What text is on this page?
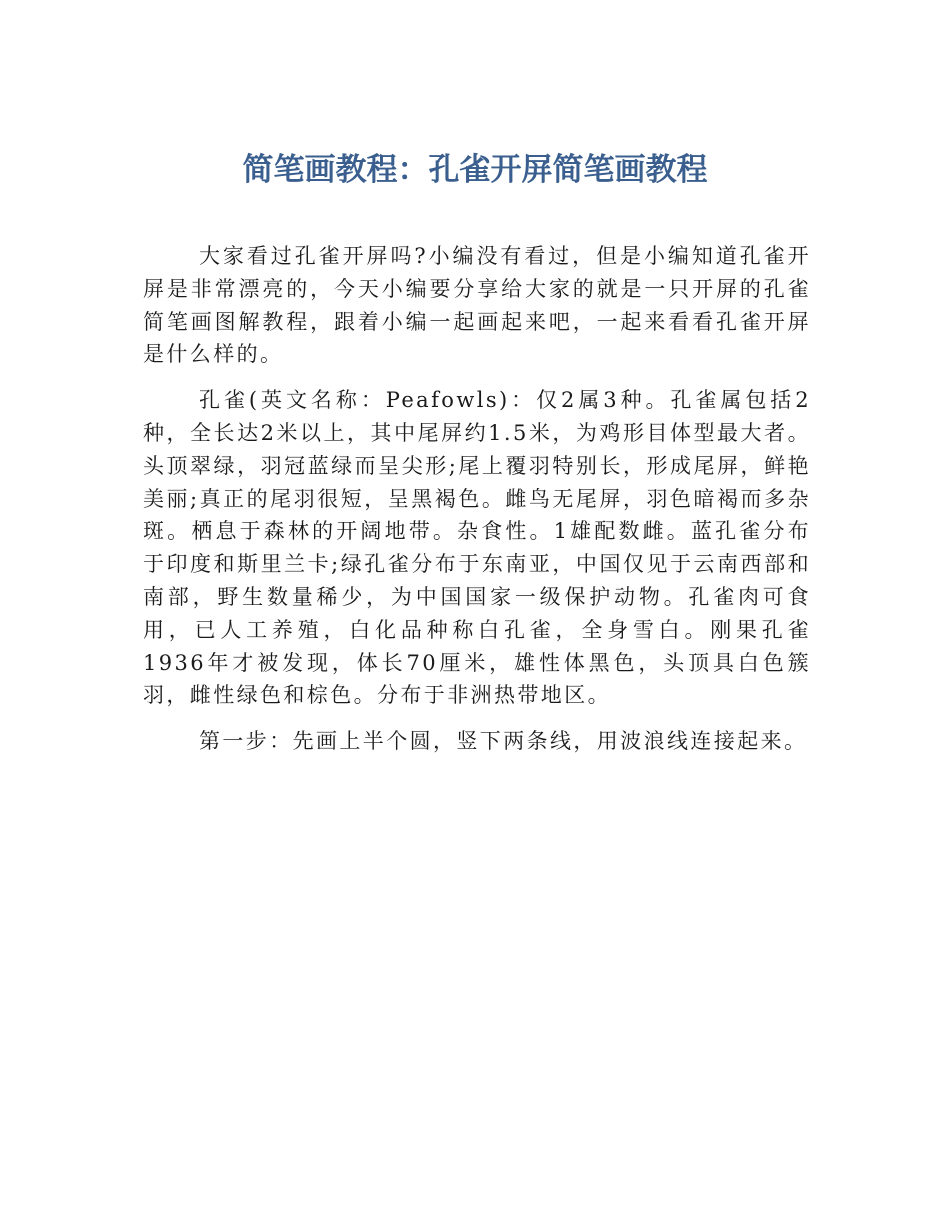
简笔画教程：孔雀开屏简笔画教程

大家看过孔雀开屏吗?小编没有看过，但是小编知道孔雀开屏是非常漂亮的，今天小编要分享给大家的就是一只开屏的孔雀简笔画图解教程，跟着小编一起画起来吧，一起来看看孔雀开屏是什么样的。

孔雀(英文名称：Peafowls)：仅2属3种。孔雀属包括2种，全长达2米以上，其中尾屏约1.5米，为鸡形目体型最大者。头顶翠绿，羽冠蓝绿而呈尖形;尾上覆羽特别长，形成尾屏，鲜艳美丽;真正的尾羽很短，呈黑褐色。雌鸟无尾屏，羽色暗褐而多杂斑。栖息于森林的开阔地带。杂食性。1雄配数雌。蓝孔雀分布于印度和斯里兰卡;绿孔雀分布于东南亚，中国仅见于云南西部和南部，野生数量稀少，为中国国家一级保护动物。孔雀肉可食用，已人工养殖，白化品种称白孔雀，全身雪白。刚果孔雀1936年才被发现，体长70厘米，雄性体黑色，头顶具白色簇羽，雌性绿色和棕色。分布于非洲热带地区。

第一步：先画上半个圆，竖下两条线，用波浪线连接起来。
